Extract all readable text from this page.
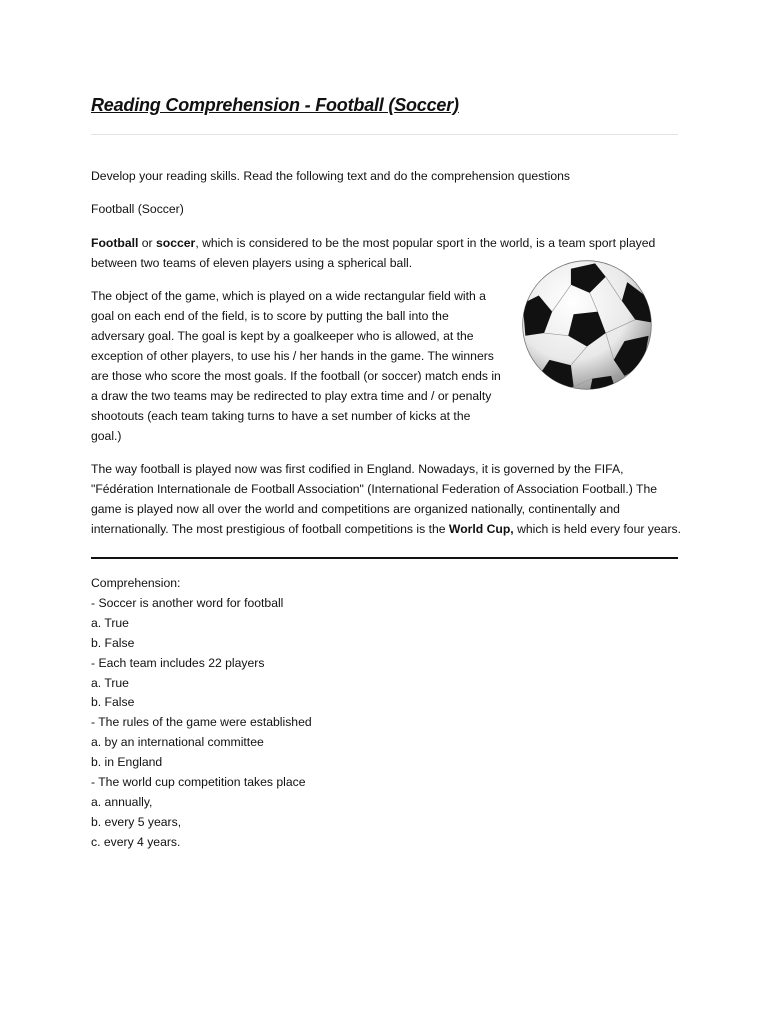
Reading Comprehension - Football (Soccer)

Develop your reading skills. Read the following text and do the comprehension questions

Football (Soccer)

Football or soccer, which is considered to be the most popular sport in the world, is a team sport played between two teams of eleven players using a spherical ball.

The object of the game, which is played on a wide rectangular field with a goal on each end of the field, is to score by putting the ball into the adversary goal. The goal is kept by a goalkeeper who is allowed, at the exception of other players, to use his / her hands in the game. The winners are those who score the most goals. If the football (or soccer) match ends in a draw the two teams may be redirected to play extra time and / or penalty shootouts (each team taking turns to have a set number of kicks at the goal.)

The way football is played now was first codified in England. Nowadays, it is governed by the FIFA, "Fédération Internationale de Football Association" (International Federation of Association Football.) The game is played now all over the world and competitions are organized nationally, continentally and internationally. The most prestigious of football competitions is the World Cup, which is held every four years.

Comprehension:
- Soccer is another word for football
a. True
b. False
- Each team includes 22 players
a. True
b. False
- The rules of the game were established
a. by an international committee
b. in England
- The world cup competition takes place
a. annually,
b. every 5 years,
c. every 4 years.
